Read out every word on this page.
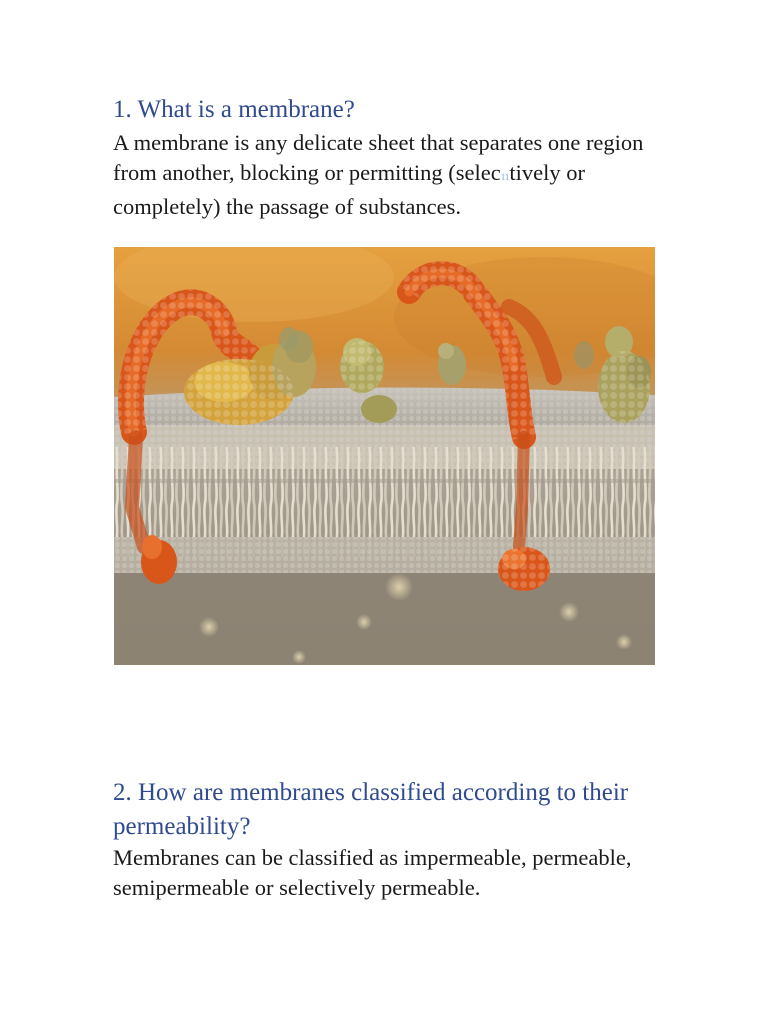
1. What is a membrane?

A membrane is any delicate sheet that separates one region from another, blocking or permitting (selec11tively or completely) the passage of substances.

2. How are membranes classified according to their permeability?

Membranes can be classified as impermeable, permeable, semipermeable or selectively permeable.
